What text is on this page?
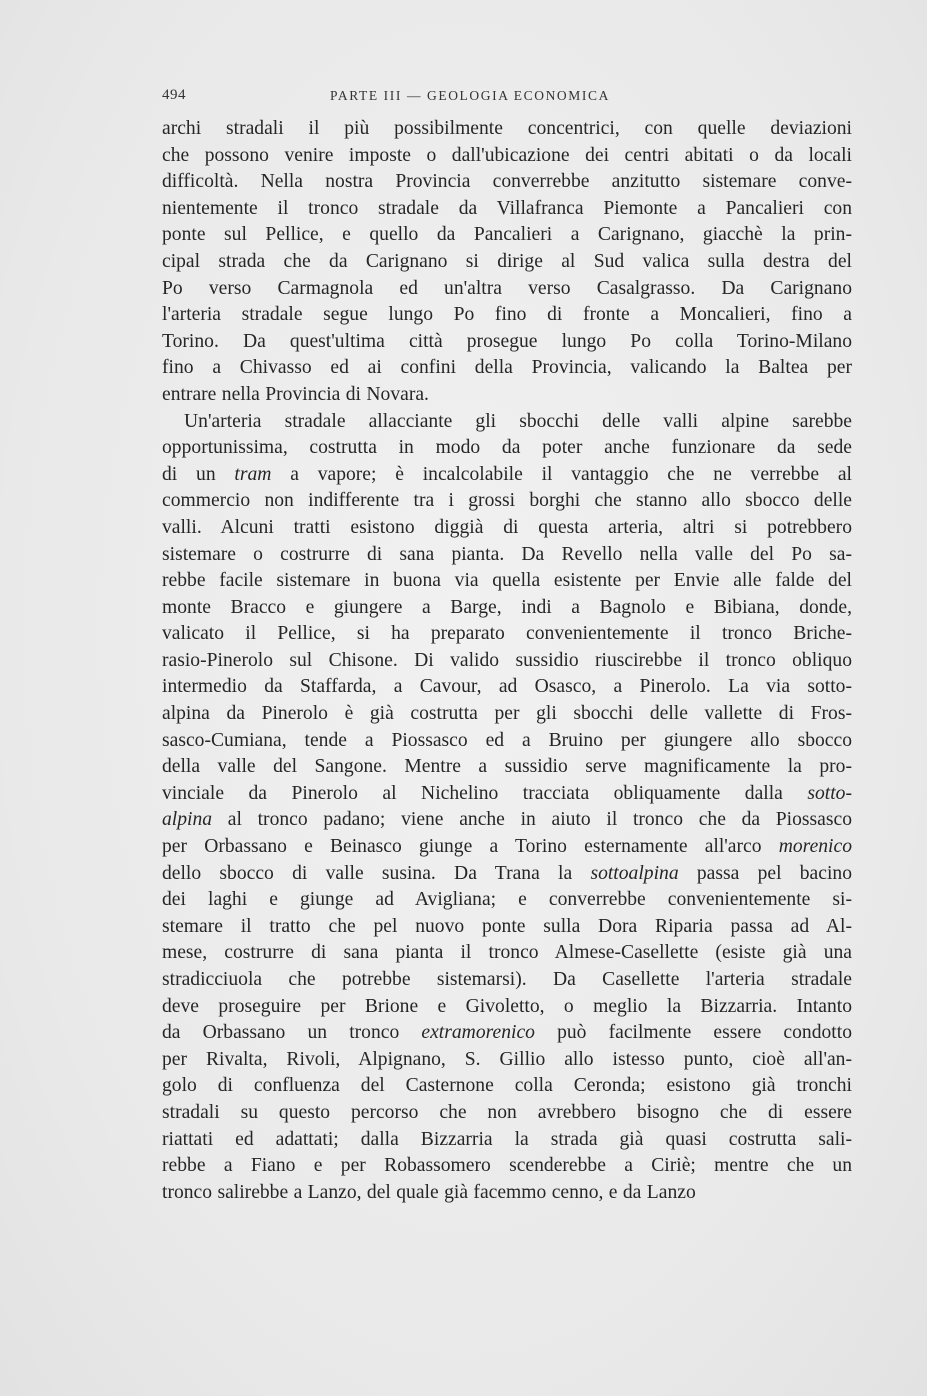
494	PARTE III — GEOLOGIA ECONOMICA
archi stradali il più possibilmente concentrici, con quelle deviazioni
che possono venire imposte o dall'ubicazione dei centri abitati o da locali
difficoltà. Nella nostra Provincia converrebbe anzitutto sistemare conve-
nientemente il tronco stradale da Villafranca Piemonte a Pancalieri con
ponte sul Pellice, e quello da Pancalieri a Carignano, giacchè la prin-
cipal strada che da Carignano si dirige al Sud valica sulla destra del
Po verso Carmagnola ed un'altra verso Casalgrasso. Da Carignano
l'arteria stradale segue lungo Po fino di fronte a Moncalieri, fino a
Torino. Da quest'ultima città prosegue lungo Po colla Torino-Milano
fino a Chivasso ed ai confini della Provincia, valicando la Baltea per
entrare nella Provincia di Novara.
Un'arteria stradale allacciante gli sbocchi delle valli alpine sarebbe
opportunissima, costrutta in modo da poter anche funzionare da sede
di un tram a vapore; è incalcolabile il vantaggio che ne verrebbe al
commercio non indifferente tra i grossi borghi che stanno allo sbocco delle
valli. Alcuni tratti esistono diggià di questa arteria, altri si potrebbero
sistemare o costrurre di sana pianta. Da Revello nella valle del Po sa-
rebbe facile sistemare in buona via quella esistente per Envie alle falde del
monte Bracco e giungere a Barge, indi a Bagnolo e Bibiana, donde,
valicato il Pellice, si ha preparato convenientemente il tronco Briche-
rasio-Pinerolo sul Chisone. Di valido sussidio riuscirebbe il tronco obliquo
intermedio da Staffarda, a Cavour, ad Osasco, a Pinerolo. La via sotto-
alpina da Pinerolo è già costrutta per gli sbocchi delle vallette di Fros-
sasco-Cumiana, tende a Piossasco ed a Bruino per giungere allo sbocco
della valle del Sangone. Mentre a sussidio serve magnificamente la pro-
vinciale da Pinerolo al Nichelino tracciata obliquamente dalla sotto-
alpina al tronco padano; viene anche in aiuto il tronco che da Piossasco
per Orbassano e Beinasco giunge a Torino esternamente all'arco morenico
dello sbocco di valle susina. Da Trana la sottoalpina passa pel bacino
dei laghi e giunge ad Avigliana; e converrebbe convenientemente si-
stemare il tratto che pel nuovo ponte sulla Dora Riparia passa ad Al-
mese, costrurre di sana pianta il tronco Almese-Casellette (esiste già una
stradicciuola che potrebbe sistemarsi). Da Casellette l'arteria stradale
deve proseguire per Brione e Givoletto, o meglio la Bizzarria. Intanto
da Orbassano un tronco extramorenico può facilmente essere condotto
per Rivalta, Rivoli, Alpignano, S. Gillio allo istesso punto, cioè all'an-
golo di confluenza del Casternone colla Ceronda; esistono già tronchi
stradali su questo percorso che non avrebbero bisogno che di essere
riattati ed adattati; dalla Bizzarria la strada già quasi costrutta sali-
rebbe a Fiano e per Robassomero scenderebbe a Ciriè; mentre che un
tronco salirebbe a Lanzo, del quale già facemmo cenno, e da Lanzo
